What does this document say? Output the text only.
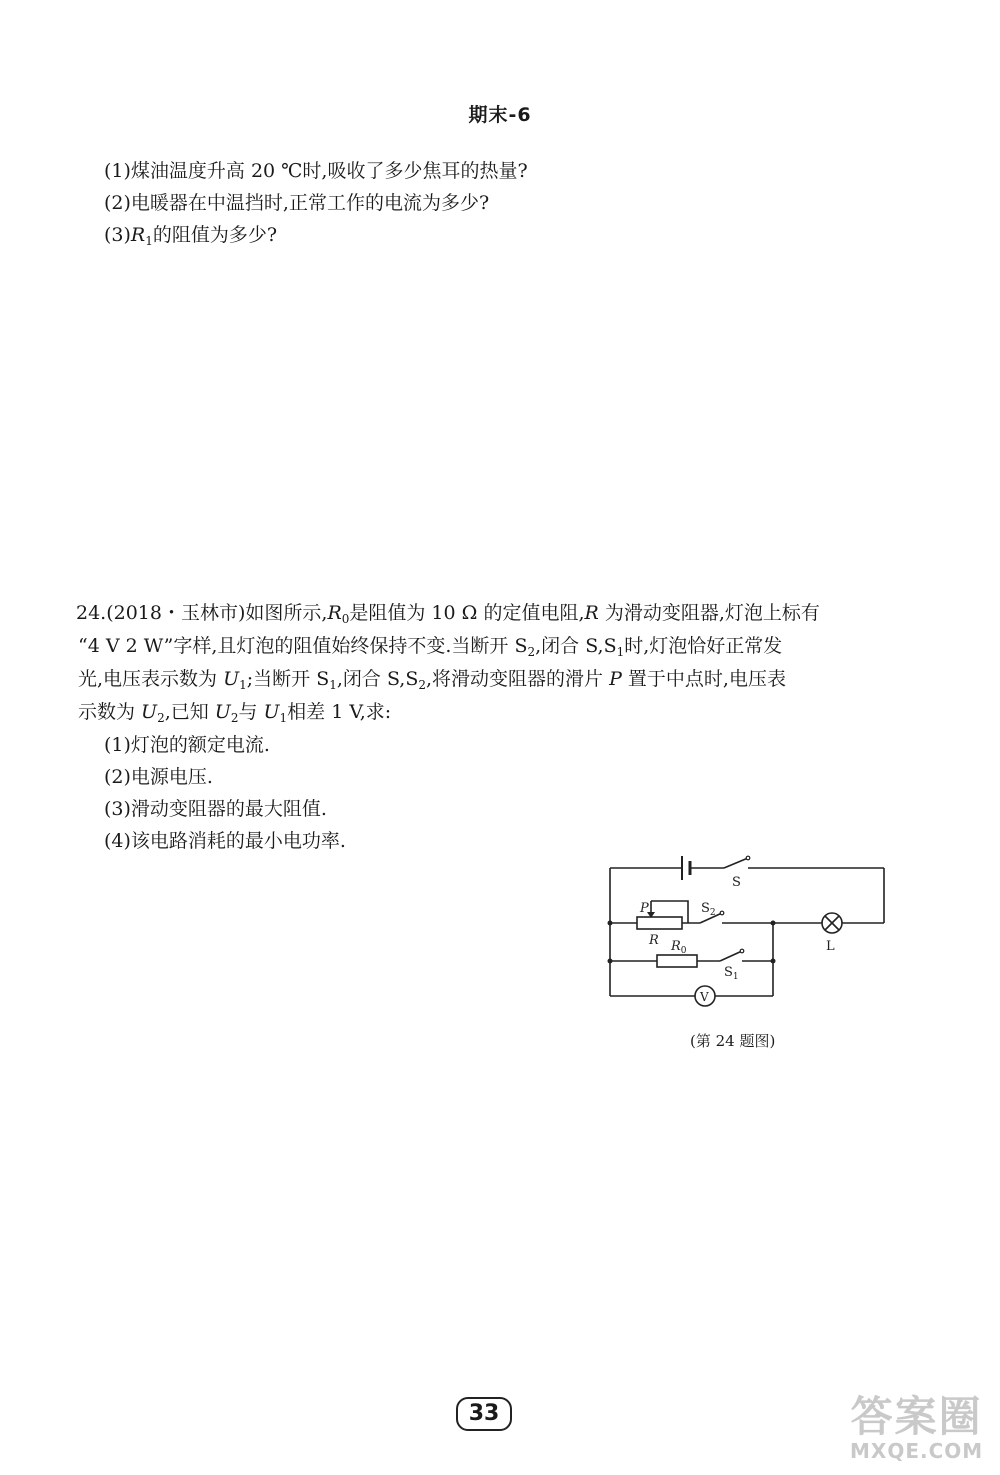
期末-6
(1)煤油温度升高 20 ℃时,吸收了多少焦耳的热量?
(2)电暖器在中温挡时,正常工作的电流为多少?
$(3)R_1$的阻值为多少?
24.(2018・玉林市)如图所示$,R_0$是阻值为 10 Ω 的定值电阻,R 为滑动变阻器,灯泡上标有
“4 V 2 W”字样,且灯泡的阻值始终保持不变.当断开 $S_2$,闭合 $S,S_1$时,灯泡恰好正常发
光,电压表示数为 $U_1$;当断开 $S_1$,闭合 $S,S_2$,将滑动变阻器的滑片 P 置于中点时,电压表
示数为 $U_2$,已知 $U_2$与 $U_1$相差 1 V,求:
(1)灯泡的额定电流.
(2)电源电压.
(3)滑动变阻器的最大阻值.
(4)该电路消耗的最小电功率.
S
P	$S_2$
R $R_0$
$S_1$
L
V
(第 24 题图)
33	答案圈
MXQE.COM
